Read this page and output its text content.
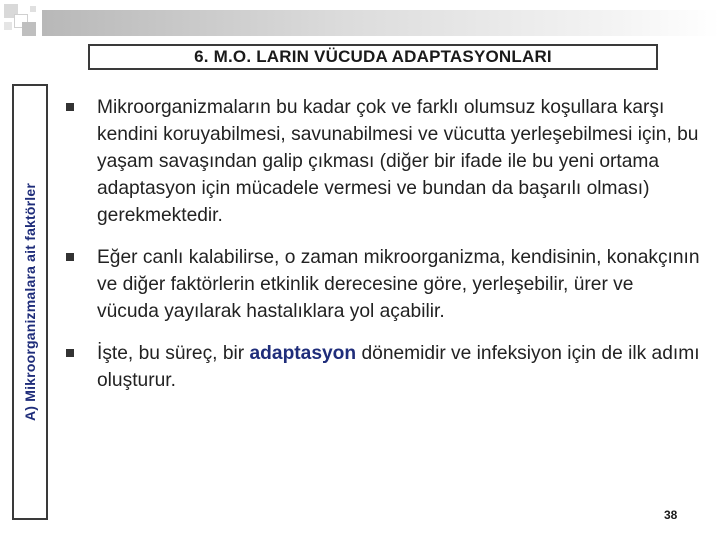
6. M.O. LARIN VÜCUDA ADAPTASYONLARI
A) Mikroorganizmalara ait faktörler
Mikroorganizmaların bu kadar çok ve farklı olumsuz koşullara karşı kendini koruyabilmesi, savunabilmesi ve vücutta yerleşebilmesi için, bu yaşam savaşından galip çıkması (diğer bir ifade ile bu yeni ortama adaptasyon için mücadele vermesi ve bundan da başarılı olması) gerekmektedir.
Eğer canlı kalabilirse, o zaman mikroorganizma, kendisinin, konakçının ve diğer faktörlerin etkinlik derecesine göre, yerleşebilir, ürer ve vücuda yayılarak hastalıklara yol açabilir.
İşte, bu süreç, bir adaptasyon dönemidir ve infeksiyon için de ilk adımı oluşturur.
38
